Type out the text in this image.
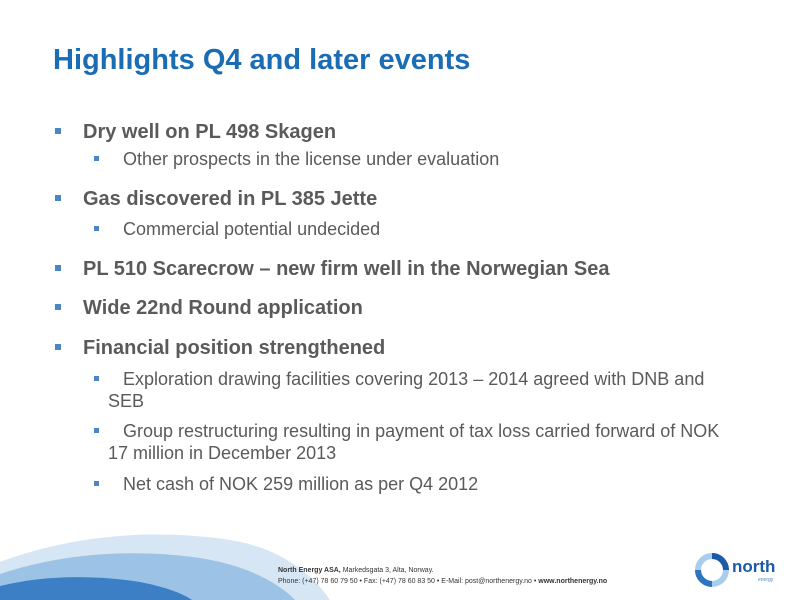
Highlights Q4 and later events
Dry well on PL 498 Skagen
Other prospects in the license under evaluation
Gas discovered in PL 385 Jette
Commercial potential undecided
PL 510 Scarecrow – new firm well in the Norwegian Sea
Wide 22nd Round application
Financial position strengthened
Exploration drawing facilities covering 2013 – 2014 agreed with DNB and SEB
Group restructuring resulting in payment of tax loss carried forward of NOK 17 million in December 2013
Net cash of NOK 259 million as per Q4 2012
North Energy ASA, Markedsgata 3, Alta, Norway.
Phone: (+47) 78 60 79 50 • Fax: (+47) 78 60 83 50 • E-Mail: post@northenergy.no • www.northenergy.no
north
energy
